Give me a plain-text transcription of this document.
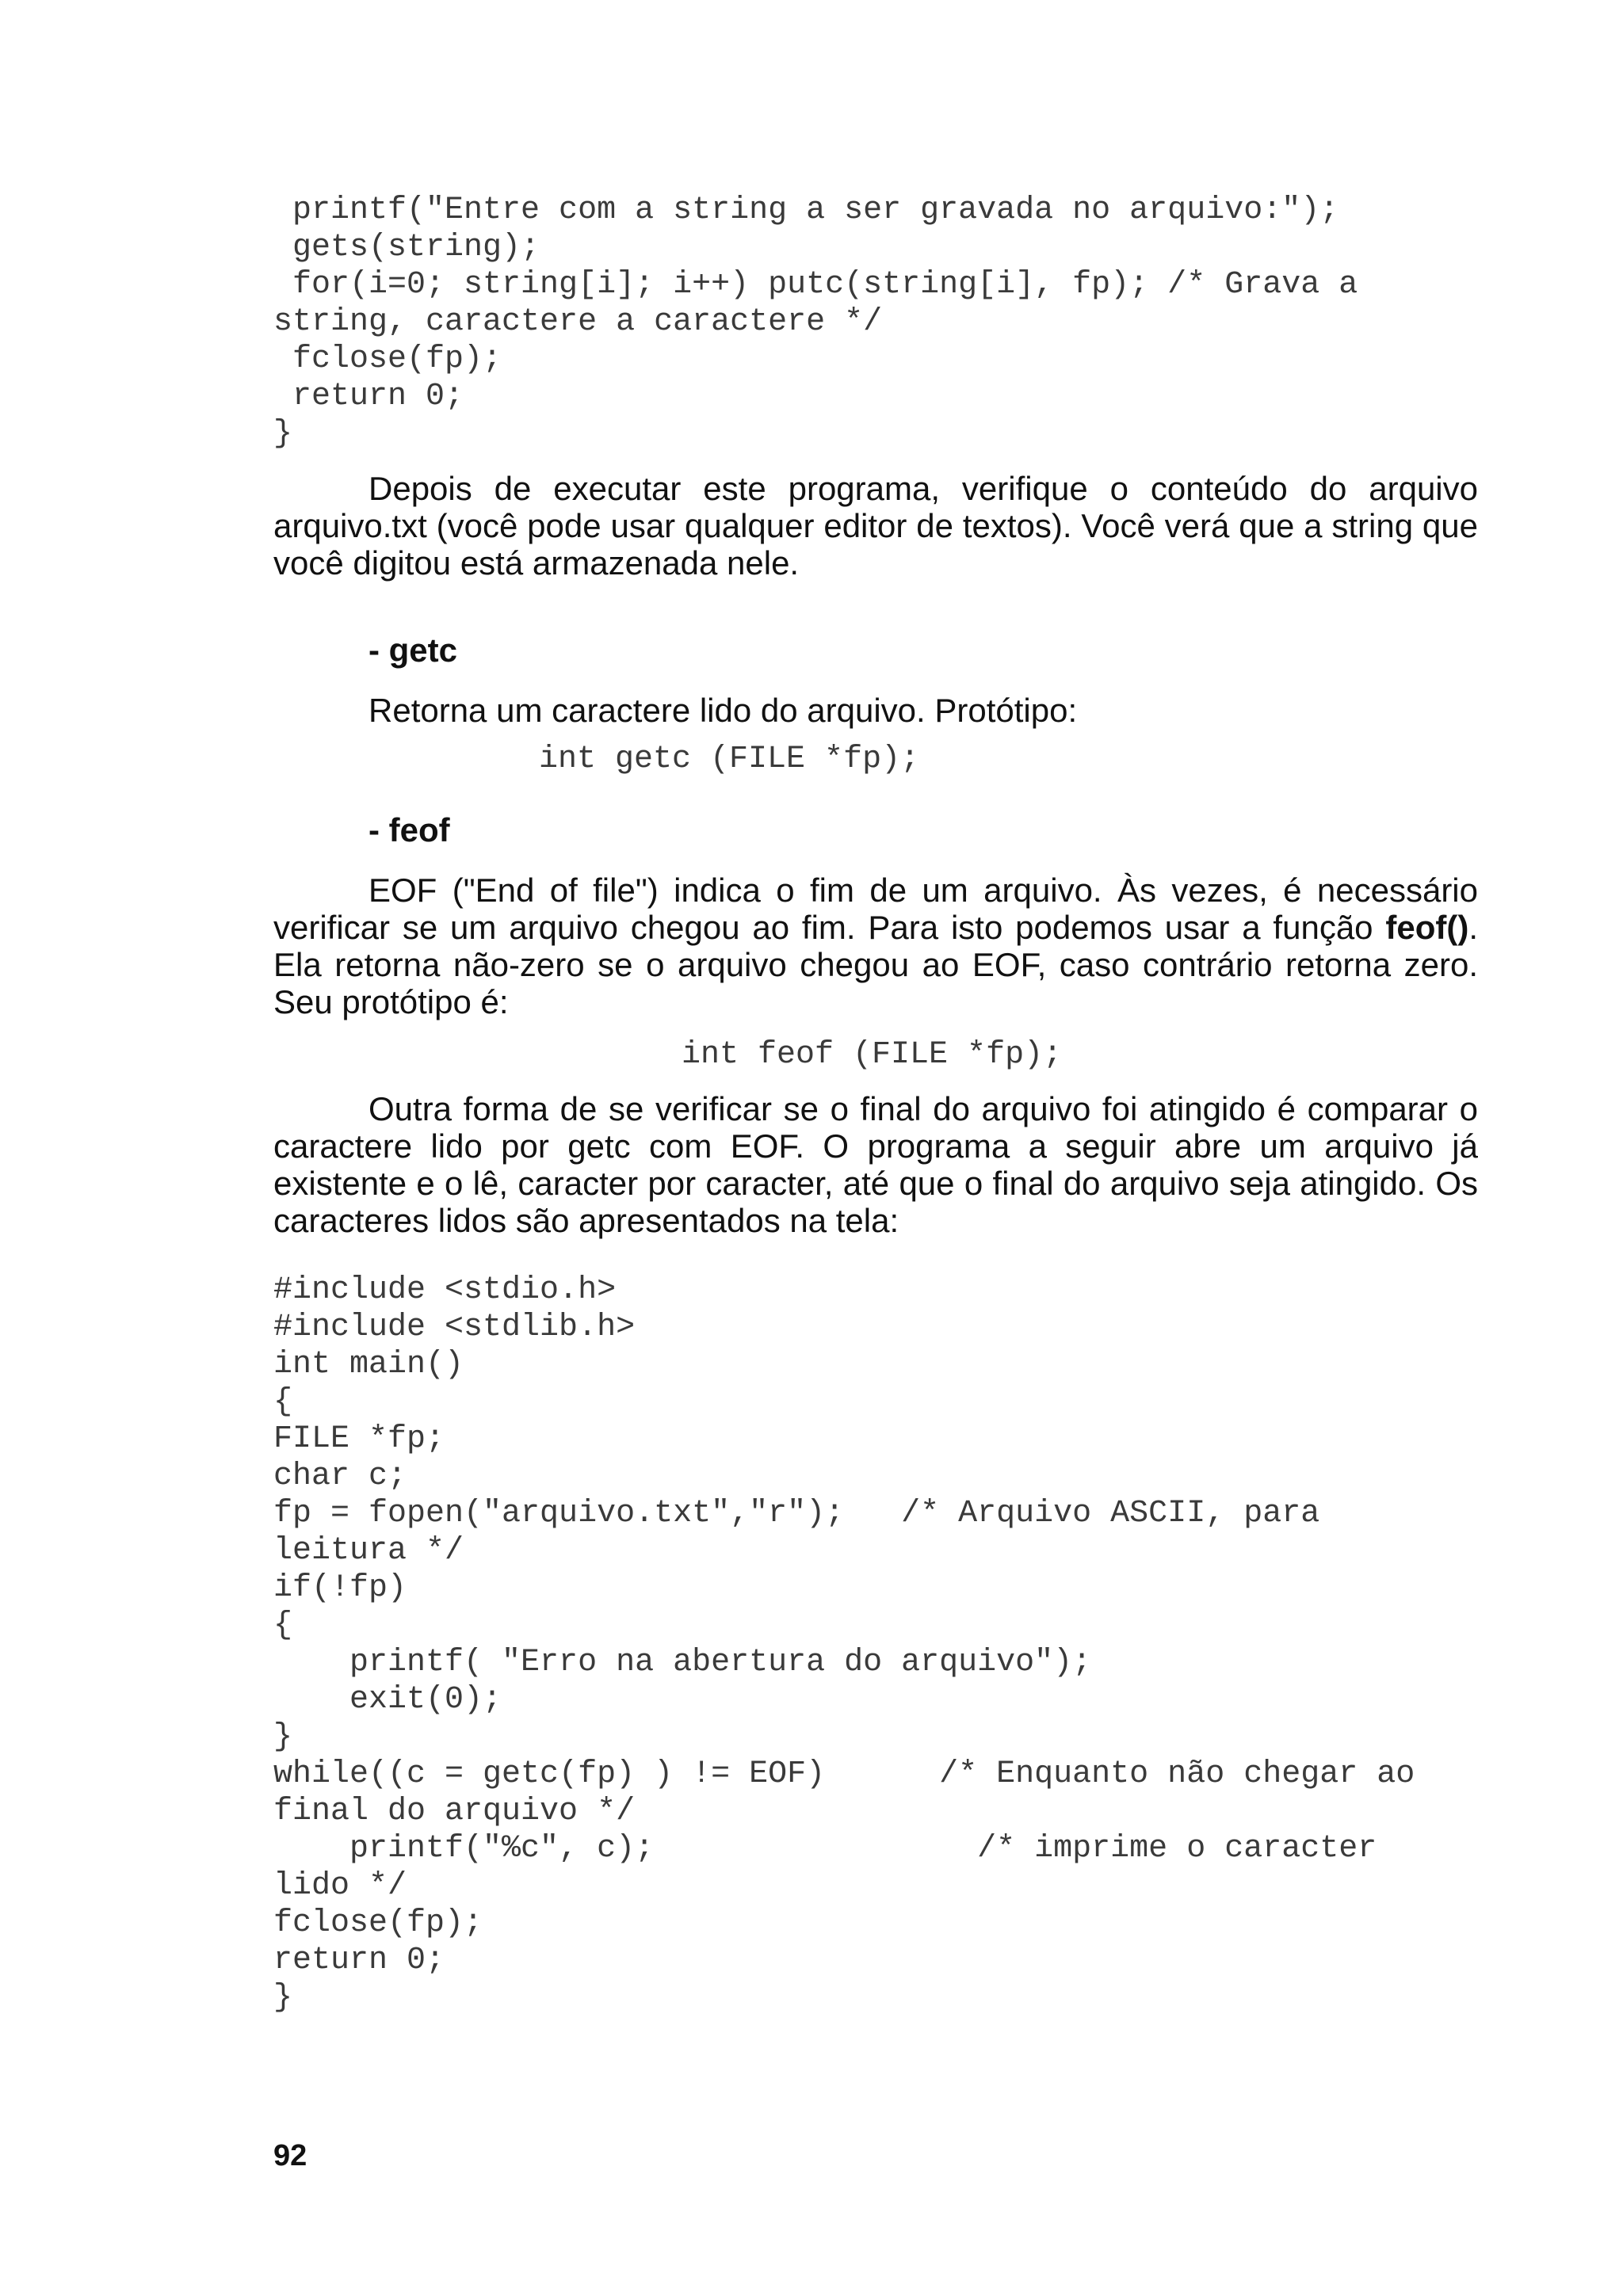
printf("Entre com a string a ser gravada no arquivo:");
gets(string);
for(i=0; string[i]; i++) putc(string[i], fp); /* Grava a
string, caractere a caractere */
fclose(fp);
return 0;
}
Depois de executar este programa, verifique o conteúdo do arquivo arquivo.txt (você pode usar qualquer editor de textos). Você verá que a string que você digitou está armazenada nele.
- getc
Retorna um caractere lido do arquivo. Protótipo:
int getc (FILE *fp);
- feof
EOF ("End of file") indica o fim de um arquivo. Às vezes, é necessário verificar se um arquivo chegou ao fim. Para isto podemos usar a função feof(). Ela retorna não-zero se o arquivo chegou ao EOF, caso contrário retorna zero. Seu protótipo é:
int feof (FILE *fp);
Outra forma de se verificar se o final do arquivo foi atingido é comparar o caractere lido por getc com EOF. O programa a seguir abre um arquivo já existente e o lê, caracter por caracter, até que o final do arquivo seja atingido. Os caracteres lidos são apresentados na tela:
#include <stdio.h>
#include <stdlib.h>
int main()
{
FILE *fp;
char c;
fp = fopen("arquivo.txt","r");   /* Arquivo ASCII, para
leitura */
if(!fp)
{
printf( "Erro na abertura do arquivo");
exit(0);
}
while((c = getc(fp) ) != EOF)      /* Enquanto não chegar ao
final do arquivo */
printf("%c", c);                 /* imprime o caracter
lido */
fclose(fp);
return 0;
}
92
